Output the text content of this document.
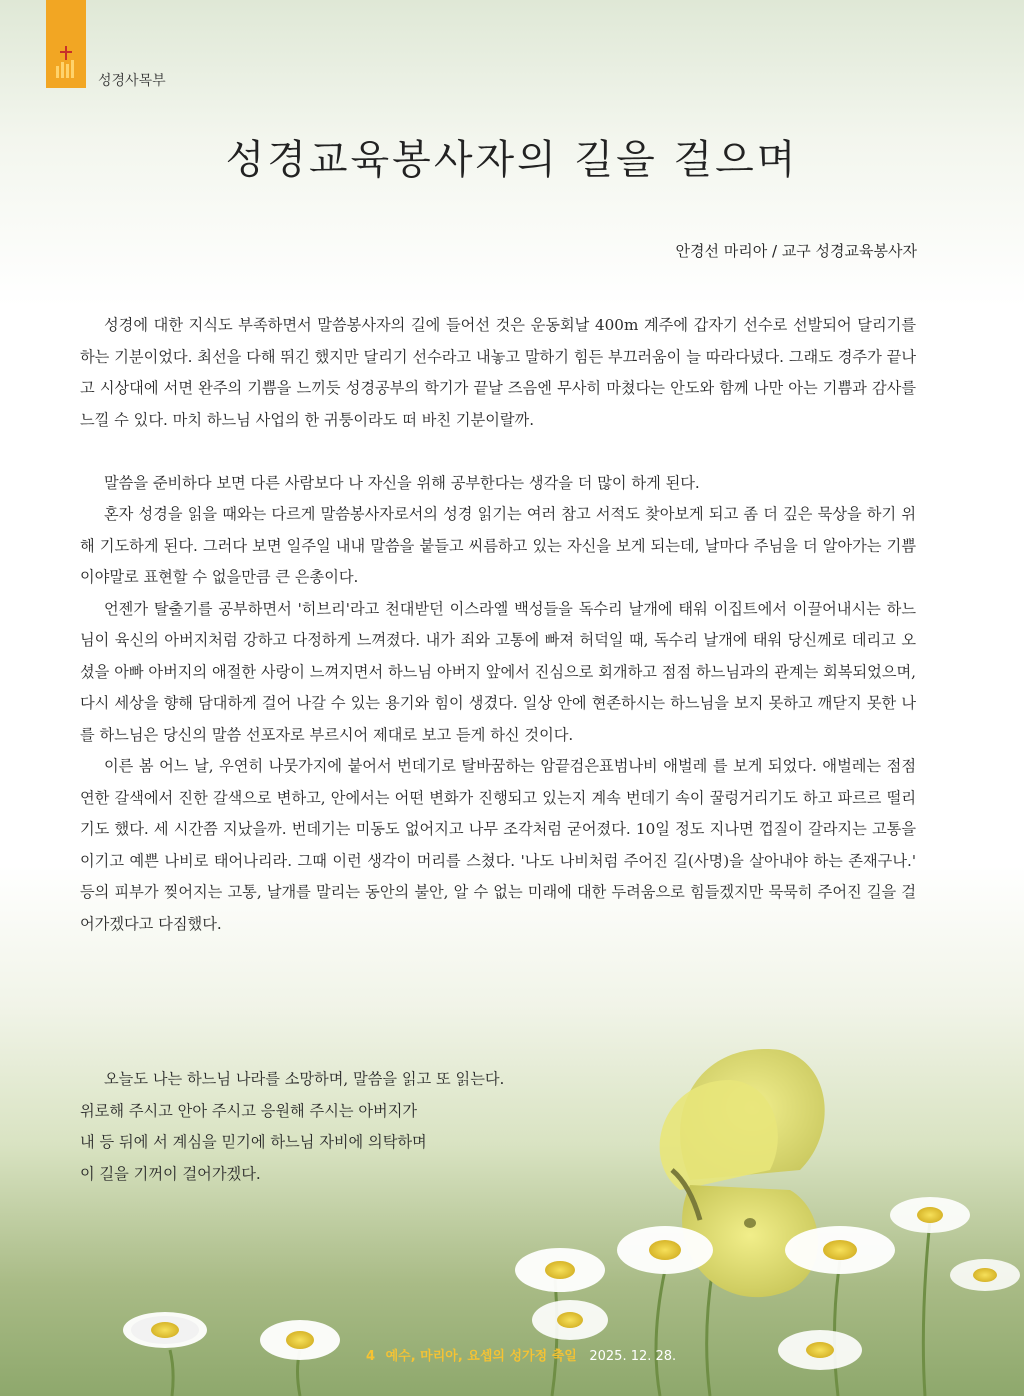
성경사목부
성경교육봉사자의 길을 걸으며
안경선 마리아 / 교구 성경교육봉사자

성경에 대한 지식도 부족하면서 말씀봉사자의 길에 들어선 것은 운동회날 400m 계주에 갑자기 선수로 선발되어 달리기를 하는 기분이었다. 최선을 다해 뛰긴 했지만 달리기 선수라고 내놓고 말하기 힘든 부끄러움이 늘 따라다녔다. 그래도 경주가 끝나고 시상대에 서면 완주의 기쁨을 느끼듯 성경공부의 학기가 끝날 즈음엔 무사히 마쳤다는 안도와 함께 나만 아는 기쁨과 감사를 느낄 수 있다. 마치 하느님 사업의 한 귀퉁이라도 떠 바친 기분이랄까.

말씀을 준비하다 보면 다른 사람보다 나 자신을 위해 공부한다는 생각을 더 많이 하게 된다.

혼자 성경을 읽을 때와는 다르게 말씀봉사자로서의 성경 읽기는 여러 참고 서적도 찾아보게 되고 좀 더 깊은 묵상을 하기 위해 기도하게 된다. 그러다 보면 일주일 내내 말씀을 붙들고 씨름하고 있는 자신을 보게 되는데, 날마다 주님을 더 알아가는 기쁨이야말로 표현할 수 없을만큼 큰 은총이다.

언젠가 탈출기를 공부하면서 '히브리'라고 천대받던 이스라엘 백성들을 독수리 날개에 태워 이집트에서 이끌어내시는 하느님이 육신의 아버지처럼 강하고 다정하게 느껴졌다. 내가 죄와 고통에 빠져 허덕일 때, 독수리 날개에 태워 당신께로 데리고 오셨을 아빠 아버지의 애절한 사랑이 느껴지면서 하느님 아버지 앞에서 진심으로 회개하고 점점 하느님과의 관계는 회복되었으며, 다시 세상을 향해 담대하게 걸어 나갈 수 있는 용기와 힘이 생겼다. 일상 안에 현존하시는 하느님을 보지 못하고 깨닫지 못한 나를 하느님은 당신의 말씀 선포자로 부르시어 제대로 보고 듣게 하신 것이다.

이른 봄 어느 날, 우연히 나뭇가지에 붙어서 번데기로 탈바꿈하는 암끝검은표범나비 애벌레 를 보게 되었다. 애벌레는 점점 연한 갈색에서 진한 갈색으로 변하고, 안에서는 어떤 변화가 진행되고 있는지 계속 번데기 속이 꿀렁거리기도 하고 파르르 떨리기도 했다. 세 시간쯤 지났을까. 번데기는 미동도 없어지고 나무 조각처럼 굳어졌다. 10일 정도 지나면 껍질이 갈라지는 고통을 이기고 예쁜 나비로 태어나리라. 그때 이런 생각이 머리를 스쳤다. '나도 나비처럼 주어진 길(사명)을 살아내야 하는 존재구나.' 등의 피부가 찢어지는 고통, 날개를 말리는 동안의 불안, 알 수 없는 미래에 대한 두려움으로 힘들겠지만 묵묵히 주어진 길을 걸어가겠다고 다짐했다.

오늘도 나는 하느님 나라를 소망하며, 말씀을 읽고 또 읽는다.
위로해 주시고 안아 주시고 응원해 주시는 아버지가
내 등 뒤에 서 계심을 믿기에 하느님 자비에 의탁하며
이 길을 기꺼이 걸어가겠다.
4 예수, 마리아, 요셉의 성가정 축일 2025. 12. 28.
